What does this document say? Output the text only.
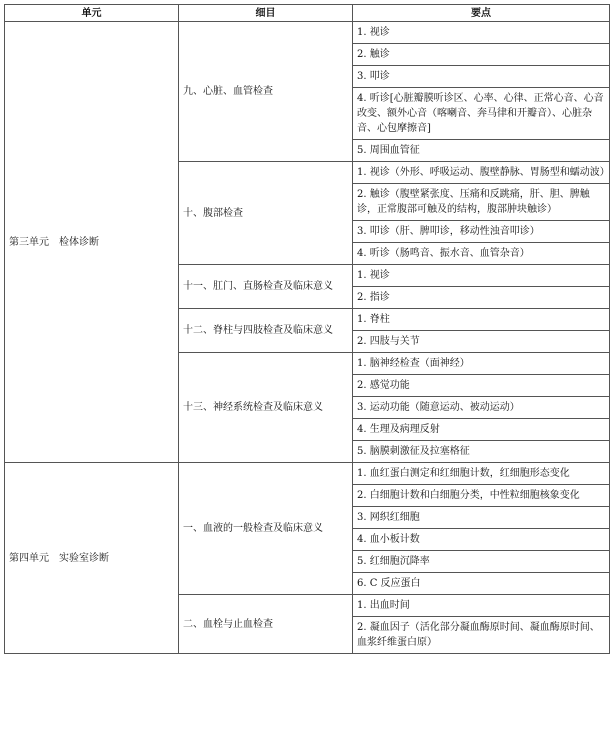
单元	细目	要点
第三单元　检体诊断	九、心脏、血管检查	1. 视诊
		2. 触诊
		3. 叩诊
		4. 听诊[心脏瓣膜听诊区、心率、心律、正常心音、心音改变、额外心音（喀喇音、奔马律和开瓣音）、心脏杂音、心包摩擦音]
		5. 周围血管征
	十、腹部检查	1. 视诊（外形、呼吸运动、腹壁静脉、胃肠型和蠕动波）
		2. 触诊（腹壁紧张度、压痛和反跳痛，肝、胆、脾触诊，正常腹部可触及的结构，腹部肿块触诊）
		3. 叩诊（肝、脾叩诊，移动性浊音叩诊）
		4. 听诊（肠鸣音、振水音、血管杂音）
	十一、肛门、直肠检查及临床意义	1. 视诊
		2. 指诊
	十二、脊柱与四肢检查及临床意义	1. 脊柱
		2. 四肢与关节
	十三、神经系统检查及临床意义	1. 脑神经检查（面神经）
		2. 感觉功能
		3. 运动功能（随意运动、被动运动）
		4. 生理及病理反射
		5. 脑膜刺激征及拉塞格征
第四单元　实验室诊断	一、血液的一般检查及临床意义	1. 血红蛋白测定和红细胞计数，红细胞形态变化
		2. 白细胞计数和白细胞分类，中性粒细胞核象变化
		3. 网织红细胞
		4. 血小板计数
		5. 红细胞沉降率
		6. C 反应蛋白
	二、血栓与止血检查	1. 出血时间
		2. 凝血因子（活化部分凝血酶原时间、凝血酶原时间、血浆纤维蛋白原）
